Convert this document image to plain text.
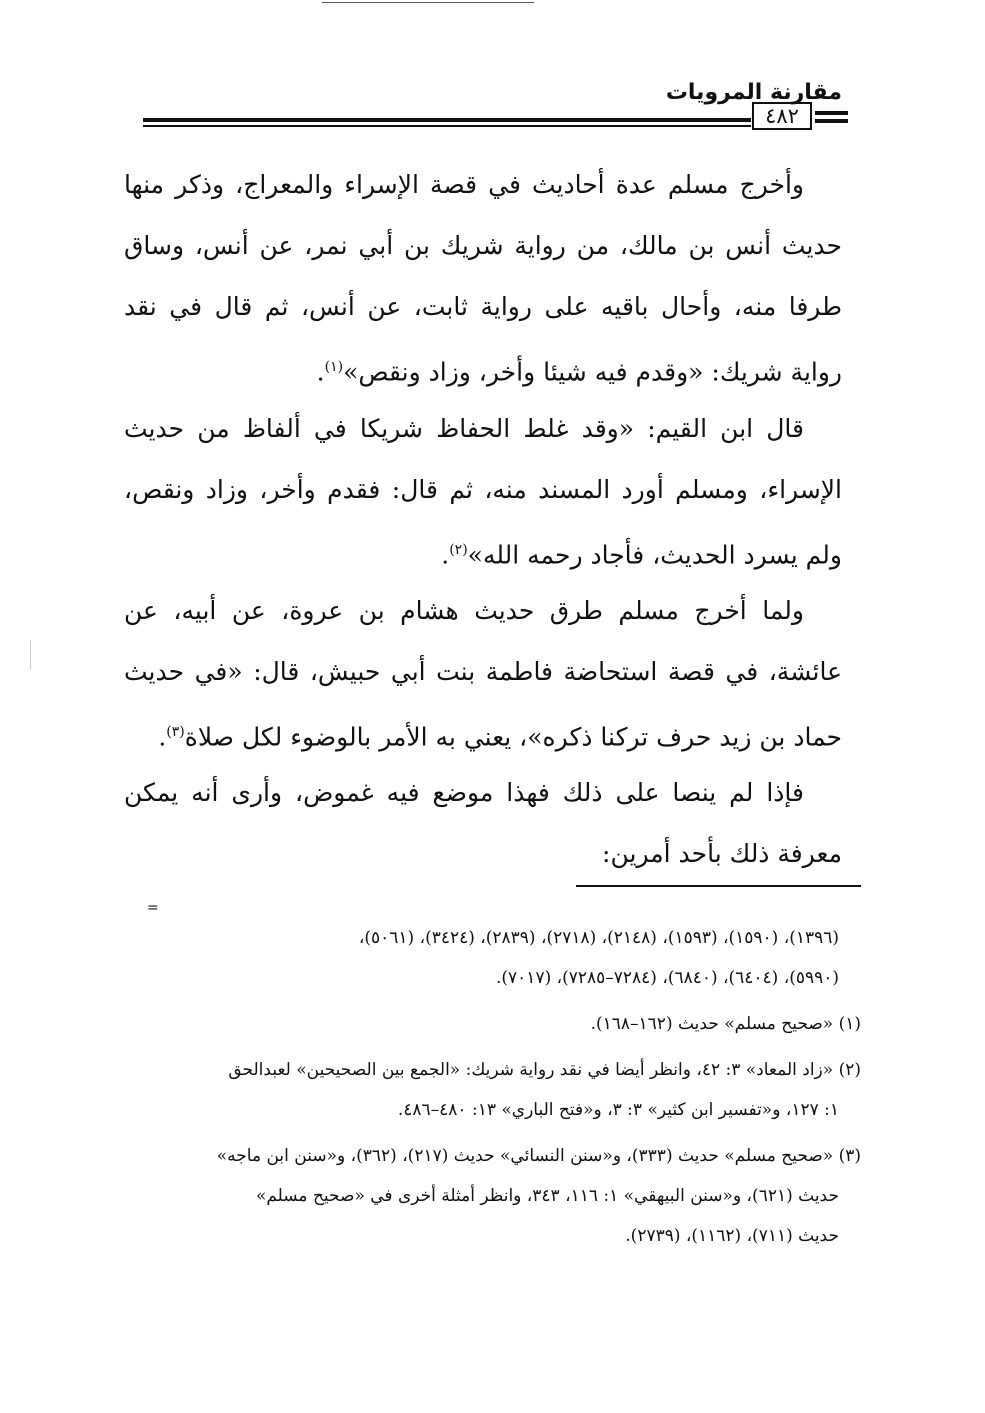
مقارنة المرويات
٤٨٢

وأخرج مسلم عدة أحاديث في قصة الإسراء والمعراج، وذكر منها حديث أنس بن مالك، من رواية شريك بن أبي نمر، عن أنس، وساق طرفا منه، وأحال باقيه على رواية ثابت، عن أنس، ثم قال في نقد رواية شريك: «وقدم فيه شيئا وأخر، وزاد ونقص»$^{(١)}$.

قال ابن القيم: «وقد غلط الحفاظ شريكا في ألفاظ من حديث الإسراء، ومسلم أورد المسند منه، ثم قال: فقدم وأخر، وزاد ونقص، ولم يسرد الحديث، فأجاد رحمه الله»$^{(٢)}$.

ولما أخرج مسلم طرق حديث هشام بن عروة، عن أبيه، عن عائشة، في قصة استحاضة فاطمة بنت أبي حبيش، قال: «في حديث حماد بن زيد حرف تركنا ذكره»، يعني به الأمر بالوضوء لكل صلاة$^{(٣)}$.

فإذا لم ينصا على ذلك فهذا موضع فيه غموض، وأرى أنه يمكن معرفة ذلك بأحد أمرين:

=

(١٣٩٦)، (١٥٩٠)، (١٥٩٣)، (٢١٤٨)، (٢٧١٨)، (٢٨٣٩)، (٣٤٢٤)، (٥٠٦١)،

(٥٩٩٠)، (٦٤٠٤)، (٦٨٤٠)، (٧٢٨٤–٧٢٨٥)، (٧٠١٧).

(١) «صحيح مسلم» حديث (١٦٢–١٦٨).

(٢) «زاد المعاد» ٣: ٤٢، وانظر أيضا في نقد رواية شريك: «الجمع بين الصحيحين» لعبدالحق

١: ١٢٧، و«تفسير ابن كثير» ٣: ٣، و«فتح الباري» ١٣: ٤٨٠–٤٨٦.

(٣) «صحيح مسلم» حديث (٣٣٣)، و«سنن النسائي» حديث (٢١٧)، (٣٦٢)، و«سنن ابن ماجه»

حديث (٦٢١)، و«سنن البيهقي» ١: ١١٦، ٣٤٣، وانظر أمثلة أخرى في «صحيح مسلم»

حديث (٧١١)، (١١٦٢)، (٢٧٣٩).
